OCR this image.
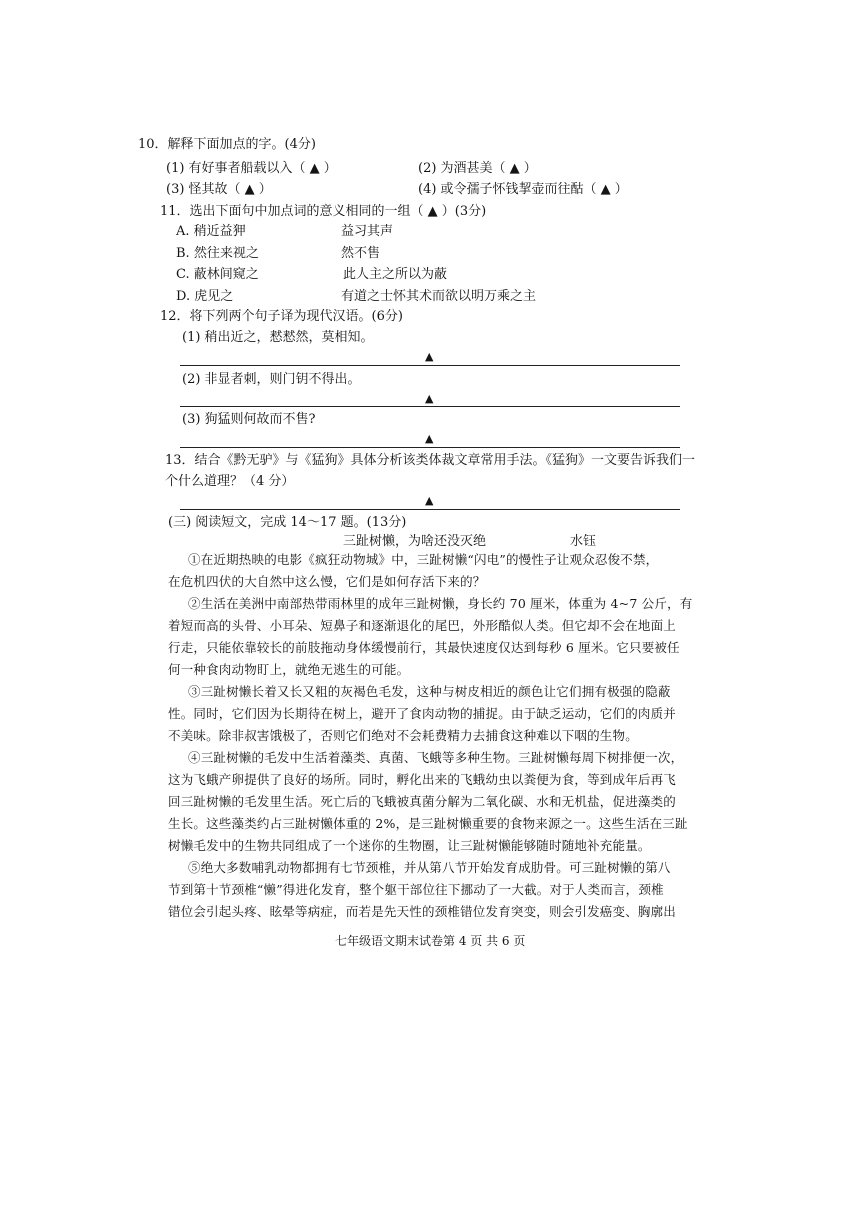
10．解释下面加点的字。(4分)
(1) 有好事者船载以入（ ▲ ）	(2) 为酒甚美（ ▲ ）
(3) 怪其故（ ▲ ）	(4) 或令孺子怀钱挈壶而往酤（ ▲ ）
11．选出下面句中加点词的意义相同的一组（ ▲ ）(3分)
A. 稍近益狎	益习其声
B. 然往来视之	然不售
C. 蔽林间窥之	此人主之所以为蔽
D. 虎见之	有道之士怀其术而欲以明万乘之主
12．将下列两个句子译为现代汉语。(6分)
(1) 稍出近之，慭慭然，莫相知。
▲
(2) 非显者刺，则门钥不得出。
▲
(3) 狗猛则何故而不售?
▲
13．结合《黔无驴》与《猛狗》具体分析该类体裁文章常用手法。《猛狗》一文要告诉我们一
个什么道理？（4 分）
▲
(三) 阅读短文，完成 14～17 题。(13分)
三趾树懒，为啥还没灭绝	水钰
①在近期热映的电影《疯狂动物城》中，三趾树懒“闪电”的慢性子让观众忍俊不禁，
在危机四伏的大自然中这么慢，它们是如何存活下来的？
②生活在美洲中南部热带雨林里的成年三趾树懒，身长约 70 厘米，体重为 4~7 公斤，有
着短而高的头骨、小耳朵、短鼻子和逐渐退化的尾巴，外形酷似人类。但它却不会在地面上
行走，只能依靠较长的前肢拖动身体缓慢前行，其最快速度仅达到每秒 6 厘米。它只要被任
何一种食肉动物盯上，就绝无逃生的可能。
③三趾树懒长着又长又粗的灰褐色毛发，这种与树皮相近的颜色让它们拥有极强的隐蔽
性。同时，它们因为长期待在树上，避开了食肉动物的捕捉。由于缺乏运动，它们的肉质并
不美味。除非叔害饿极了，否则它们绝对不会耗费精力去捕食这种难以下咽的生物。
④三趾树懒的毛发中生活着藻类、真菌、飞蛾等多种生物。三趾树懒每周下树排便一次，
这为飞蛾产卵提供了良好的场所。同时，孵化出来的飞蛾幼虫以粪便为食，等到成年后再飞
回三趾树懒的毛发里生活。死亡后的飞蛾被真菌分解为二氧化碳、水和无机盐，促进藻类的
生长。这些藻类约占三趾树懒体重的 2%，是三趾树懒重要的食物来源之一。这些生活在三趾
树懒毛发中的生物共同组成了一个迷你的生物圈，让三趾树懒能够随时随地补充能量。
⑤绝大多数哺乳动物都拥有七节颈椎，并从第八节开始发育成肋骨。可三趾树懒的第八
节到第十节颈椎“懒”得进化发育，整个躯干部位往下挪动了一大截。对于人类而言，颈椎
错位会引起头疼、眩晕等病症，而若是先天性的颈椎错位发育突变，则会引发癌变、胸廓出
七年级语文期末试卷第 4 页 共 6 页
